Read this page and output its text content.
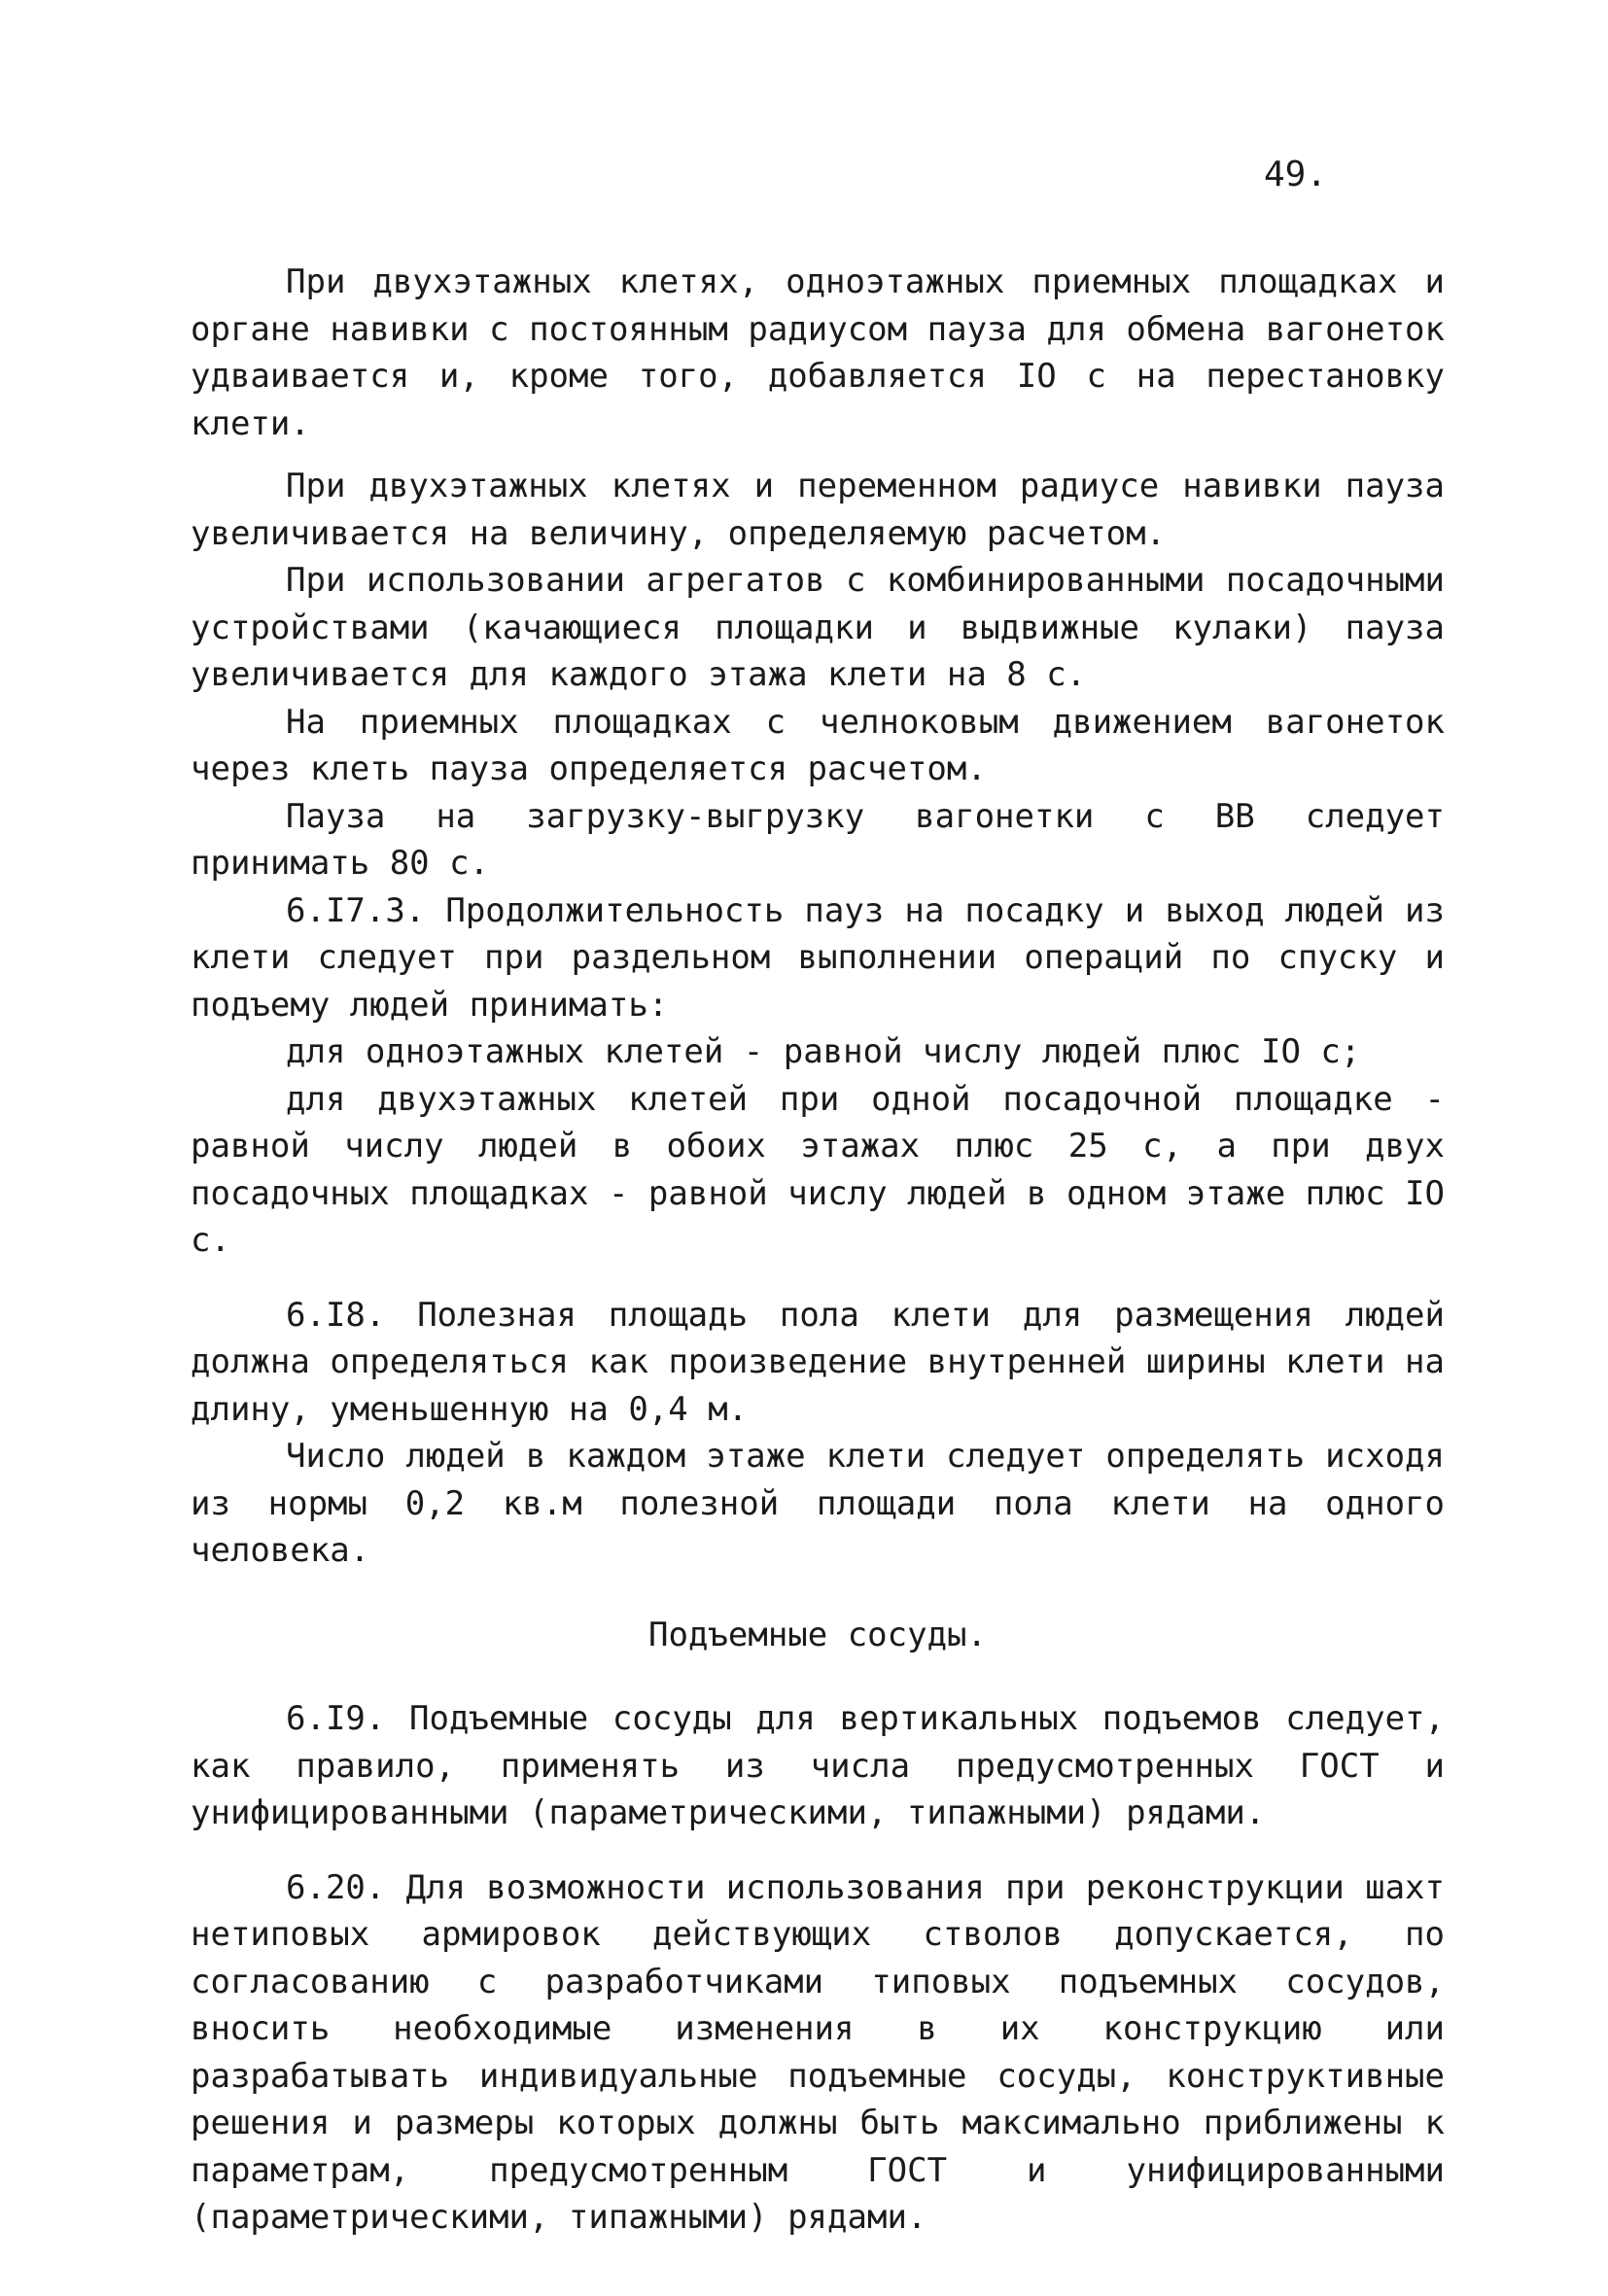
49.

При двухэтажных клетях, одноэтажных приемных площадках и органе навивки с постоянным радиусом пауза для обмена вагонеток удваивается и, кроме того, добавляется IO с на перестановку клети.

При двухэтажных клетях и переменном радиусе навивки пауза увеличивается на величину, определяемую расчетом.

При использовании агрегатов с комбинированными посадочными устройствами (качающиеся площадки и выдвижные кулаки) пауза увеличивается для каждого этажа клети на 8 с.

На приемных площадках с челноковым движением вагонеток через клеть пауза определяется расчетом.

Пауза на загрузку-выгрузку вагонетки с ВВ следует принимать 80 с.

6.I7.3. Продолжительность пауз на посадку и выход людей из клети следует при раздельном выполнении операций по спуску и подъему людей принимать:

для одноэтажных клетей - равной числу людей плюс IO с;

для двухэтажных клетей при одной посадочной площадке - равной числу людей в обоих этажах плюс 25 с, а при двух посадочных площадках - равной числу людей в одном этаже плюс IO с.

6.I8. Полезная площадь пола клети для размещения людей должна определяться как произведение внутренней ширины клети на длину, уменьшенную на 0,4 м.

Число людей в каждом этаже клети следует определять исходя из нормы 0,2 кв.м полезной площади пола клети на одного человека.

Подъемные сосуды.

6.I9. Подъемные сосуды для вертикальных подъемов следует, как правило, применять из числа предусмотренных ГОСТ и унифицированными (параметрическими, типажными) рядами.

6.20. Для возможности использования при реконструкции шахт нетиповых армировок действующих стволов допускается, по согласованию с разработчиками типовых подъемных сосудов, вносить необходимые изменения в их конструкцию или разрабатывать индивидуальные подъемные сосуды, конструктивные решения и размеры которых должны быть максимально приближены к параметрам, предусмотренным ГОСТ и унифицированными (параметрическими, типажными) рядами.
